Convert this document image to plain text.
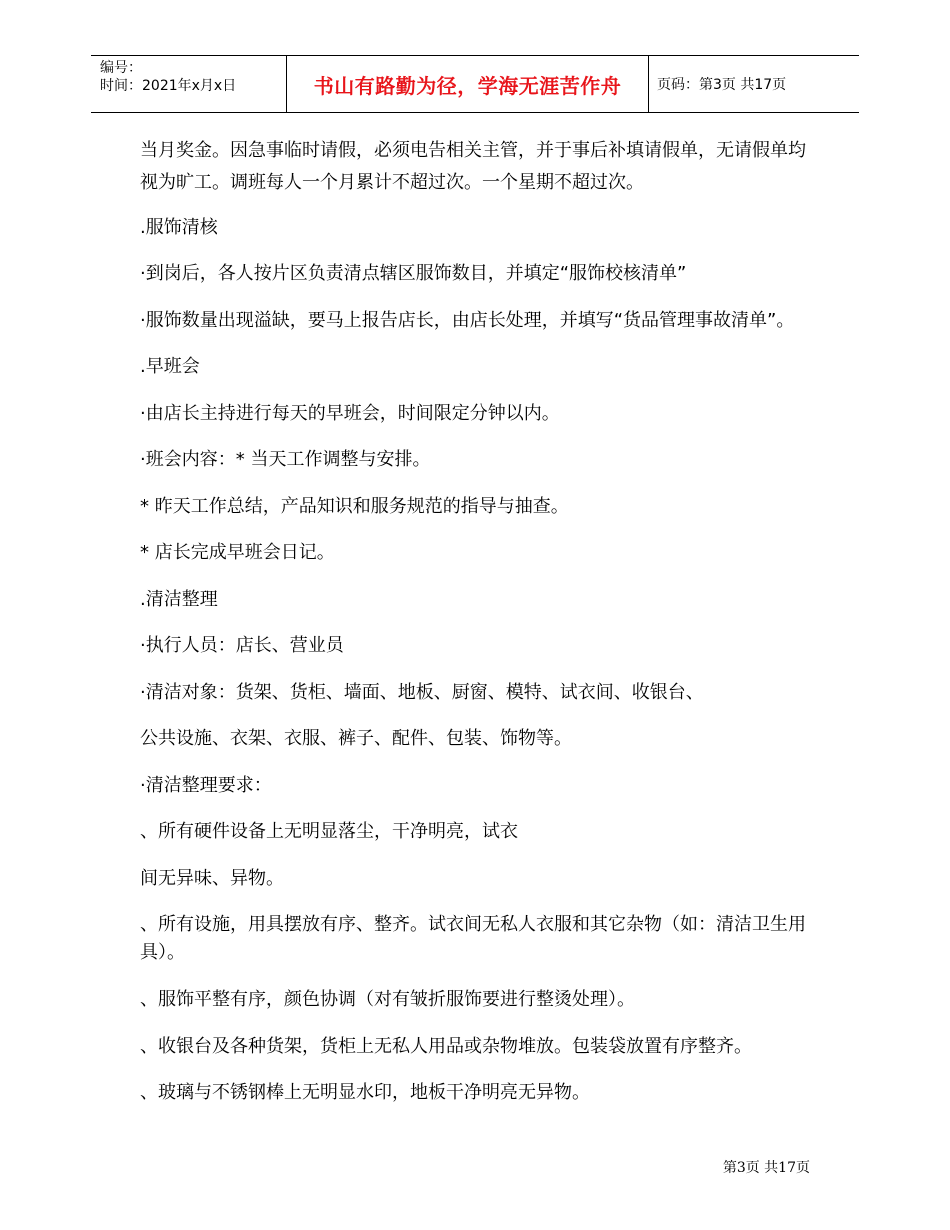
编号：
时间：2021年x月x日	书山有路勤为径，学海无涯苦作舟	页码：第3页 共17页

当月奖金。因急事临时请假，必须电告相关主管，并于事后补填请假单，无请假单均

视为旷工。调班每人一个月累计不超过次。一个星期不超过次。

.服饰清核

·到岗后，各人按片区负责清点辖区服饰数目，并填定“服饰校核清单”

·服饰数量出现溢缺，要马上报告店长，由店长处理，并填写“货品管理事故清单”。

.早班会

·由店长主持进行每天的早班会，时间限定分钟以内。

·班会内容：* 当天工作调整与安排。

* 昨天工作总结，产品知识和服务规范的指导与抽查。

* 店长完成早班会日记。

.清洁整理

·执行人员：店长、营业员

·清洁对象：货架、货柜、墙面、地板、厨窗、模特、试衣间、收银台、

公共设施、衣架、衣服、裤子、配件、包装、饰物等。

·清洁整理要求：

、所有硬件设备上无明显落尘，干净明亮，试衣

间无异味、异物。

、所有设施，用具摆放有序、整齐。试衣间无私人衣服和其它杂物（如：清洁卫生用

具）。

、服饰平整有序，颜色协调（对有皱折服饰要进行整烫处理）。

、收银台及各种货架，货柜上无私人用品或杂物堆放。包装袋放置有序整齐。

、玻璃与不锈钢棒上无明显水印，地板干净明亮无异物。

第3页 共17页
